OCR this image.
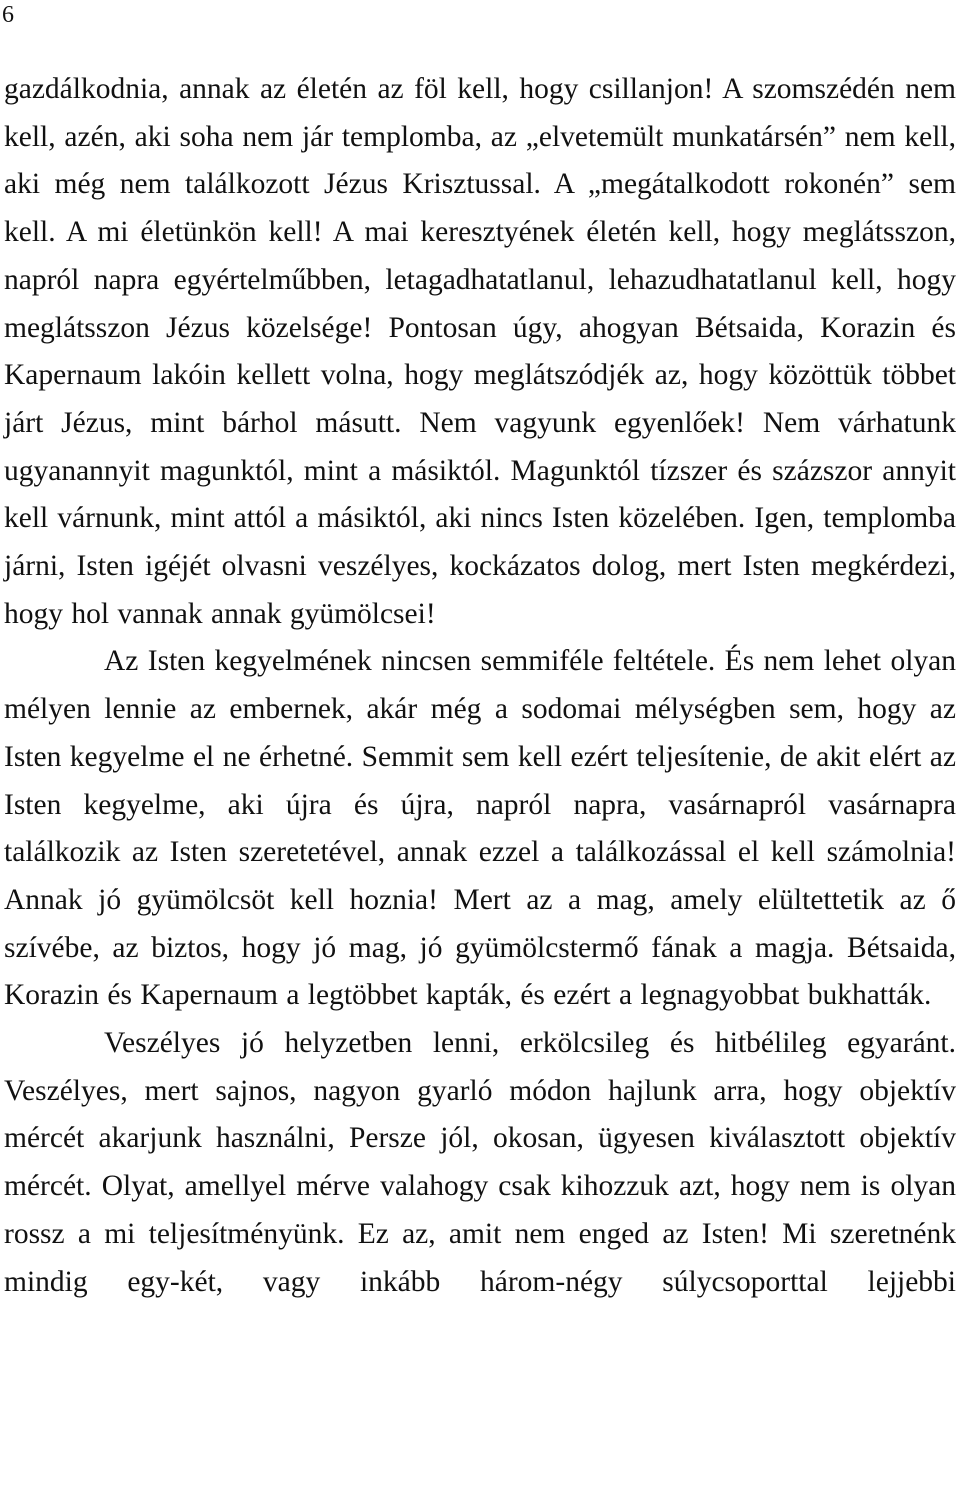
6

gazdálkodnia, annak az életén az föl kell, hogy csillanjon! A szomszédén nem kell, azén, aki soha nem jár templomba, az „elvetemült munkatársén” nem kell, aki még nem találkozott Jézus Krisztussal. A „megátalkodott rokonén” sem kell. A mi életünkön kell! A mai keresztyének életén kell, hogy meglátsszon, napról napra egyértelműbben, letagadhatatlanul, lehazudhatatlanul kell, hogy meglátsszon Jézus közelsége! Pontosan úgy, ahogyan Bétsaida, Korazin és Kapernaum lakóin kellett volna, hogy meglátszódjék az, hogy közöttük többet járt Jézus, mint bárhol másutt. Nem vagyunk egyenlőek! Nem várhatunk ugyanannyit magunktól, mint a másiktól. Magunktól tízszer és százszor annyit kell várnunk, mint attól a másiktól, aki nincs Isten közelében. Igen, templomba járni, Isten igéjét olvasni veszélyes, kockázatos dolog, mert Isten megkérdezi, hogy hol vannak annak gyümölcsei!

Az Isten kegyelmének nincsen semmiféle feltétele. És nem lehet olyan mélyen lennie az embernek, akár még a sodomai mélységben sem, hogy az Isten kegyelme el ne érhetné. Semmit sem kell ezért teljesítenie, de akit elért az Isten kegyelme, aki újra és újra, napról napra, vasárnapról vasárnapra találkozik az Isten szeretetével, annak ezzel a találkozással el kell számolnia! Annak jó gyümölcsöt kell hoznia! Mert az a mag, amely elültettetik az ő szívébe, az biztos, hogy jó mag, jó gyümölcstermő fának a magja. Bétsaida, Korazin és Kapernaum a legtöbbet kapták, és ezért a legnagyobbat bukhatták.

Veszélyes jó helyzetben lenni, erkölcsileg és hitbélileg egyaránt. Veszélyes, mert sajnos, nagyon gyarló módon hajlunk arra, hogy objektív mércét akarjunk használni, Persze jól, okosan, ügyesen kiválasztott objektív mércét. Olyat, amellyel mérve valahogy csak kihozzuk azt, hogy nem is olyan rossz a mi teljesítményünk. Ez az, amit nem enged az Isten! Mi szeretnénk mindig egy-két, vagy inkább három-négy súlycsoporttal lejjebbi
